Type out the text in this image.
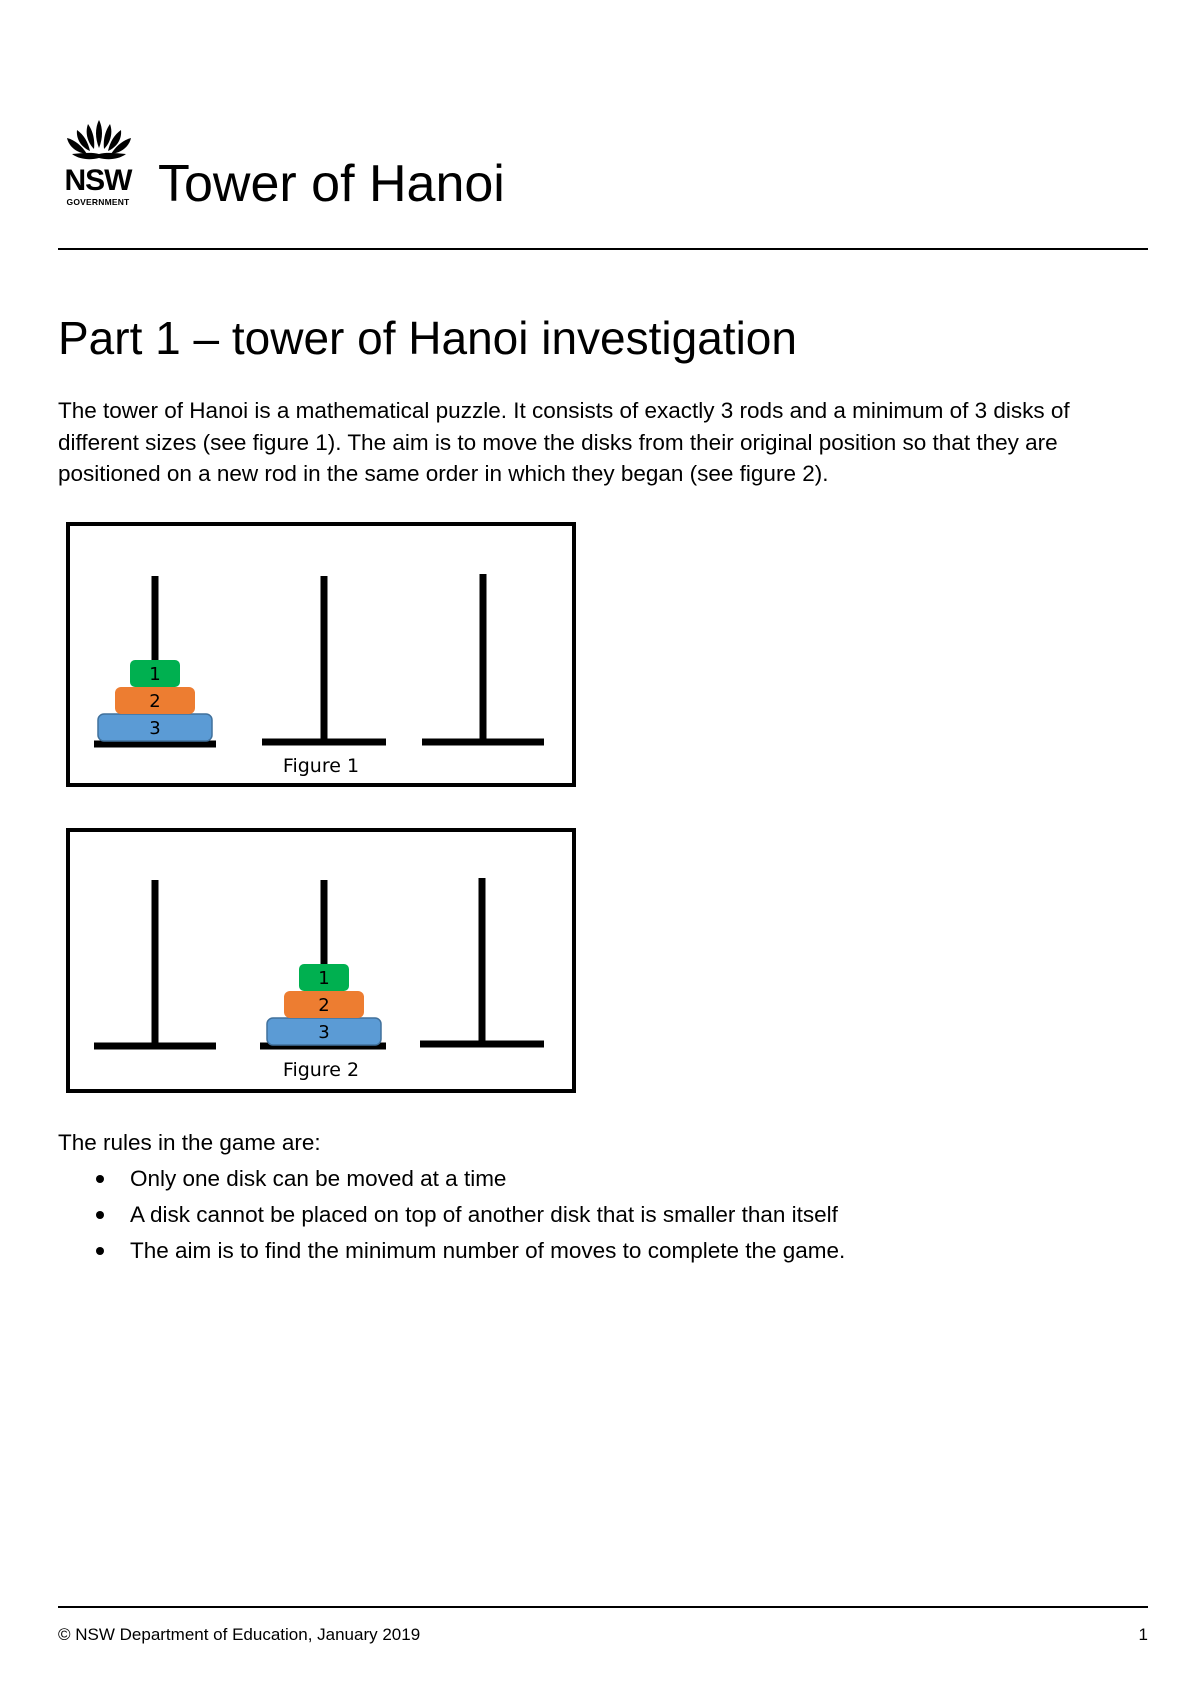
NSW
GOVERNMENT Tower of Hanoi
Part 1 – tower of Hanoi investigation

The tower of Hanoi is a mathematical puzzle. It consists of exactly 3 rods and a minimum of 3 disks of different sizes (see figure 1). The aim is to move the disks from their original position so that they are positioned on a new rod in the same order in which they began (see figure 2).

3
2
1
Figure 1
3
2
1
Figure 2

The rules in the game are:

Only one disk can be moved at a time
A disk cannot be placed on top of another disk that is smaller than itself
The aim is to find the minimum number of moves to complete the game.
© NSW Department of Education, January 2019	1
